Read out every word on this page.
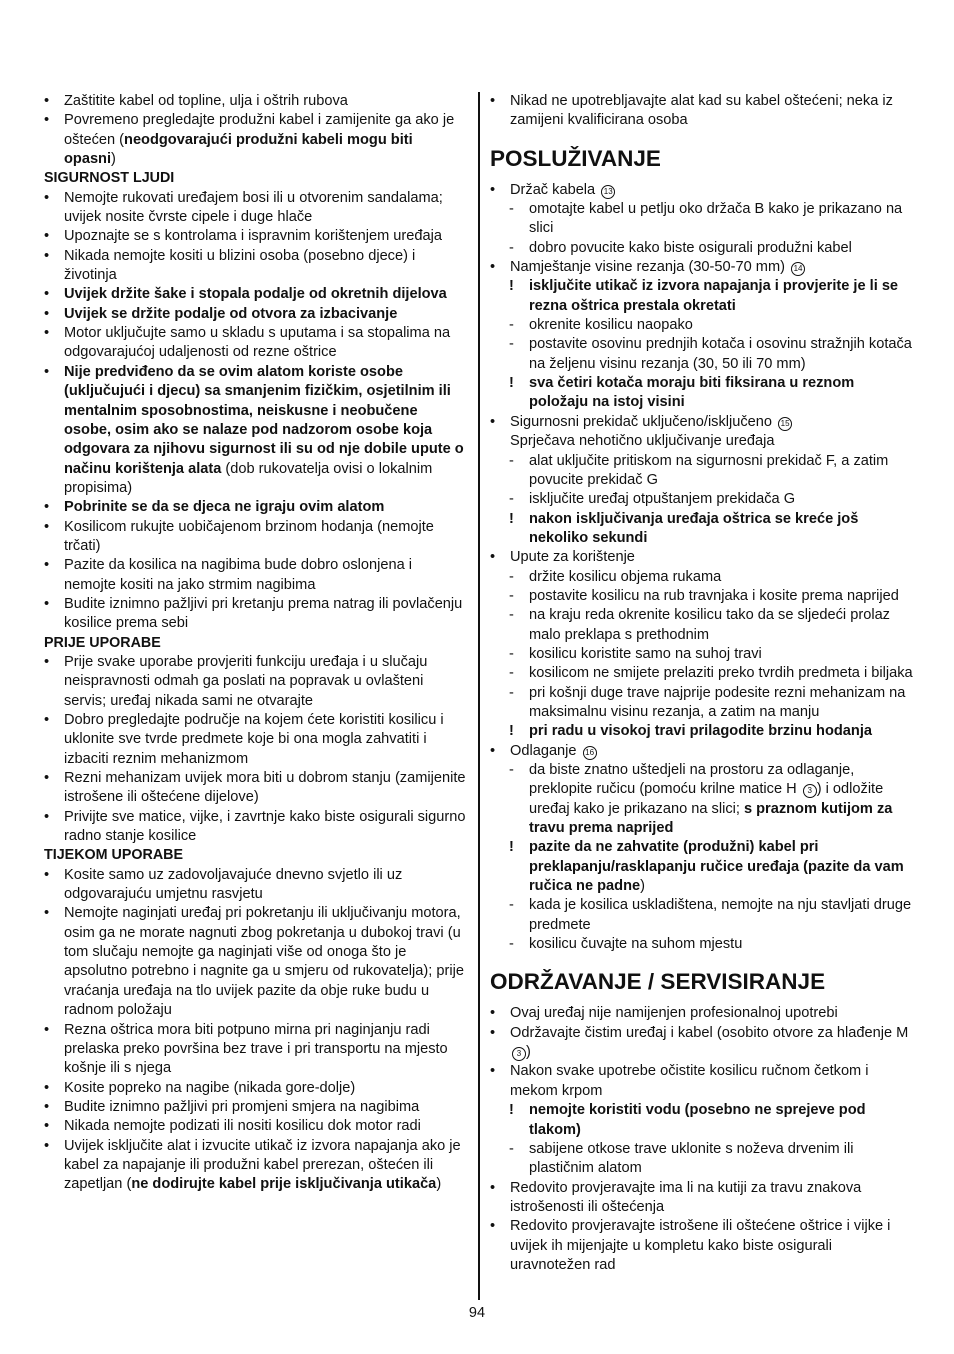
• Zaštitite kabel od topline, ulja i oštrih rubova
• Povremeno pregledajte produžni kabel i zamijenite ga ako je oštećen (neodgovarajući produžni kabeli mogu biti opasni)
SIGURNOST LJUDI
• Nemojte rukovati uređajem bosi ili u otvorenim sandalama; uvijek nosite čvrste cipele i duge hlače
• Upoznajte se s kontrolama i ispravnim korištenjem uređaja
• Nikada nemojte kositi u blizini osoba (posebno djece) i životinja
• Uvijek držite šake i stopala podalje od okretnih dijelova
• Uvijek se držite podalje od otvora za izbacivanje
• Motor uključujte samo u skladu s uputama i sa stopalima na odgovarajućoj udaljenosti od rezne oštrice
• Nije predviđeno da se ovim alatom koriste osobe (uključujući i djecu) sa smanjenim fizičkim, osjetilnim ili mentalnim sposobnostima, neiskusne i neobučene osobe, osim ako se nalaze pod nadzorom osobe koja odgovara za njihovu sigurnost ili su od nje dobile upute o načinu korištenja alata (dob rukovatelja ovisi o lokalnim propisima)
• Pobrinite se da se djeca ne igraju ovim alatom
• Kosilicom rukujte uobičajenom brzinom hodanja (nemojte trčati)
• Pazite da kosilica na nagibima bude dobro oslonjena i nemojte kositi na jako strmim nagibima
• Budite iznimno pažljivi pri kretanju prema natrag ili povlačenju kosilice prema sebi
PRIJE UPORABE
• Prije svake uporabe provjeriti funkciju uređaja i u slučaju neispravnosti odmah ga poslati na popravak u ovlašteni servis; uređaj nikada sami ne otvarajte
• Dobro pregledajte područje na kojem ćete koristiti kosilicu i uklonite sve tvrde predmete koje bi ona mogla zahvatiti i izbaciti reznim mehanizmom
• Rezni mehanizam uvijek mora biti u dobrom stanju (zamijenite istrošene ili oštećene dijelove)
• Privijte sve matice, vijke, i zavrtnje kako biste osigurali sigurno radno stanje kosilice
TIJEKOM UPORABE
• Kosite samo uz zadovoljavajuće dnevno svjetlo ili uz odgovarajuću umjetnu rasvjetu
• Nemojte naginjati uređaj pri pokretanju ili uključivanju motora, osim ga ne morate nagnuti zbog pokretanja u dubokoj travi (u tom slučaju nemojte ga naginjati više od onoga što je apsolutno potrebno i nagnite ga u smjeru od rukovatelja); prije vraćanja uređaja na tlo uvijek pazite da obje ruke budu u radnom položaju
• Rezna oštrica mora biti potpuno mirna pri naginjanju radi prelaska preko površina bez trave i pri transportu na mjesto košnje ili s njega
• Kosite popreko na nagibe (nikada gore-dolje)
• Budite iznimno pažljivi pri promjeni smjera na nagibima
• Nikada nemojte podizati ili nositi kosilicu dok motor radi
• Uvijek isključite alat i izvucite utikač iz izvora napajanja ako je kabel za napajanje ili produžni kabel prerezan, oštećen ili zapetljan (ne dodirujte kabel prije isključivanja utikača)
• Nikad ne upotrebljavajte alat kad su kabel oštećeni; neka iz zamijeni kvalificirana osoba
POSLUŽIVANJE
• Držač kabela 13
- omotajte kabel u petlju oko držača B kako je prikazano na slici
- dobro povucite kako biste osigurali produžni kabel
• Namještanje visine rezanja (30-50-70 mm) 14
! isključite utikač iz izvora napajanja i provjerite je li se rezna oštrica prestala okretati
- okrenite kosilicu naopako
- postavite osovinu prednjih kotača i osovinu stražnjih kotača na željenu visinu rezanja (30, 50 ili 70 mm)
! sva četiri kotača moraju biti fiksirana u reznom položaju na istoj visini
• Sigurnosni prekidač uključeno/isključeno 15
Sprječava nehotično uključivanje uređaja
- alat uključite pritiskom na sigurnosni prekidač F, a zatim povucite prekidač G
- isključite uređaj otpuštanjem prekidača G
! nakon isključivanja uređaja oštrica se kreće još nekoliko sekundi
• Upute za korištenje
- držite kosilicu objema rukama
- postavite kosilicu na rub travnjaka i kosite prema naprijed
- na kraju reda okrenite kosilicu tako da se sljedeći prolaz malo preklapa s prethodnim
- kosilicu koristite samo na suhoj travi
- kosilicom ne smijete prelaziti preko tvrdih predmeta i biljaka
- pri košnji duge trave najprije podesite rezni mehanizam na maksimalnu visinu rezanja, a zatim na manju
! pri radu u visokoj travi prilagodite brzinu hodanja
• Odlaganje 16
- da biste znatno uštedjeli na prostoru za odlaganje, preklopite ručicu (pomoću krilne matice H 3 ) i odložite uređaj kako je prikazano na slici; s praznom kutijom za travu prema naprijed
! pazite da ne zahvatite (produžni) kabel pri preklapanju/rasklapanju ručice uređaja (pazite da vam ručica ne padne)
- kada je kosilica uskladištena, nemojte na nju stavljati druge predmete
- kosilicu čuvajte na suhom mjestu
ODRŽAVANJE / SERVISIRANJE
• Ovaj uređaj nije namijenjen profesionalnoj upotrebi
• Održavajte čistim uređaj i kabel (osobito otvore za hlađenje M 3 )
• Nakon svake upotrebe očistite kosilicu ručnom četkom i mekom krpom
! nemojte koristiti vodu (posebno ne sprejeve pod tlakom)
- sabijene otkose trave uklonite s noževa drvenim ili plastičnim alatom
• Redovito provjeravajte ima li na kutiji za travu znakova istrošenosti ili oštećenja
• Redovito provjeravajte istrošene ili oštećene oštrice i vijke i uvijek ih mijenjajte u kompletu kako biste osigurali uravnotežen rad
94
